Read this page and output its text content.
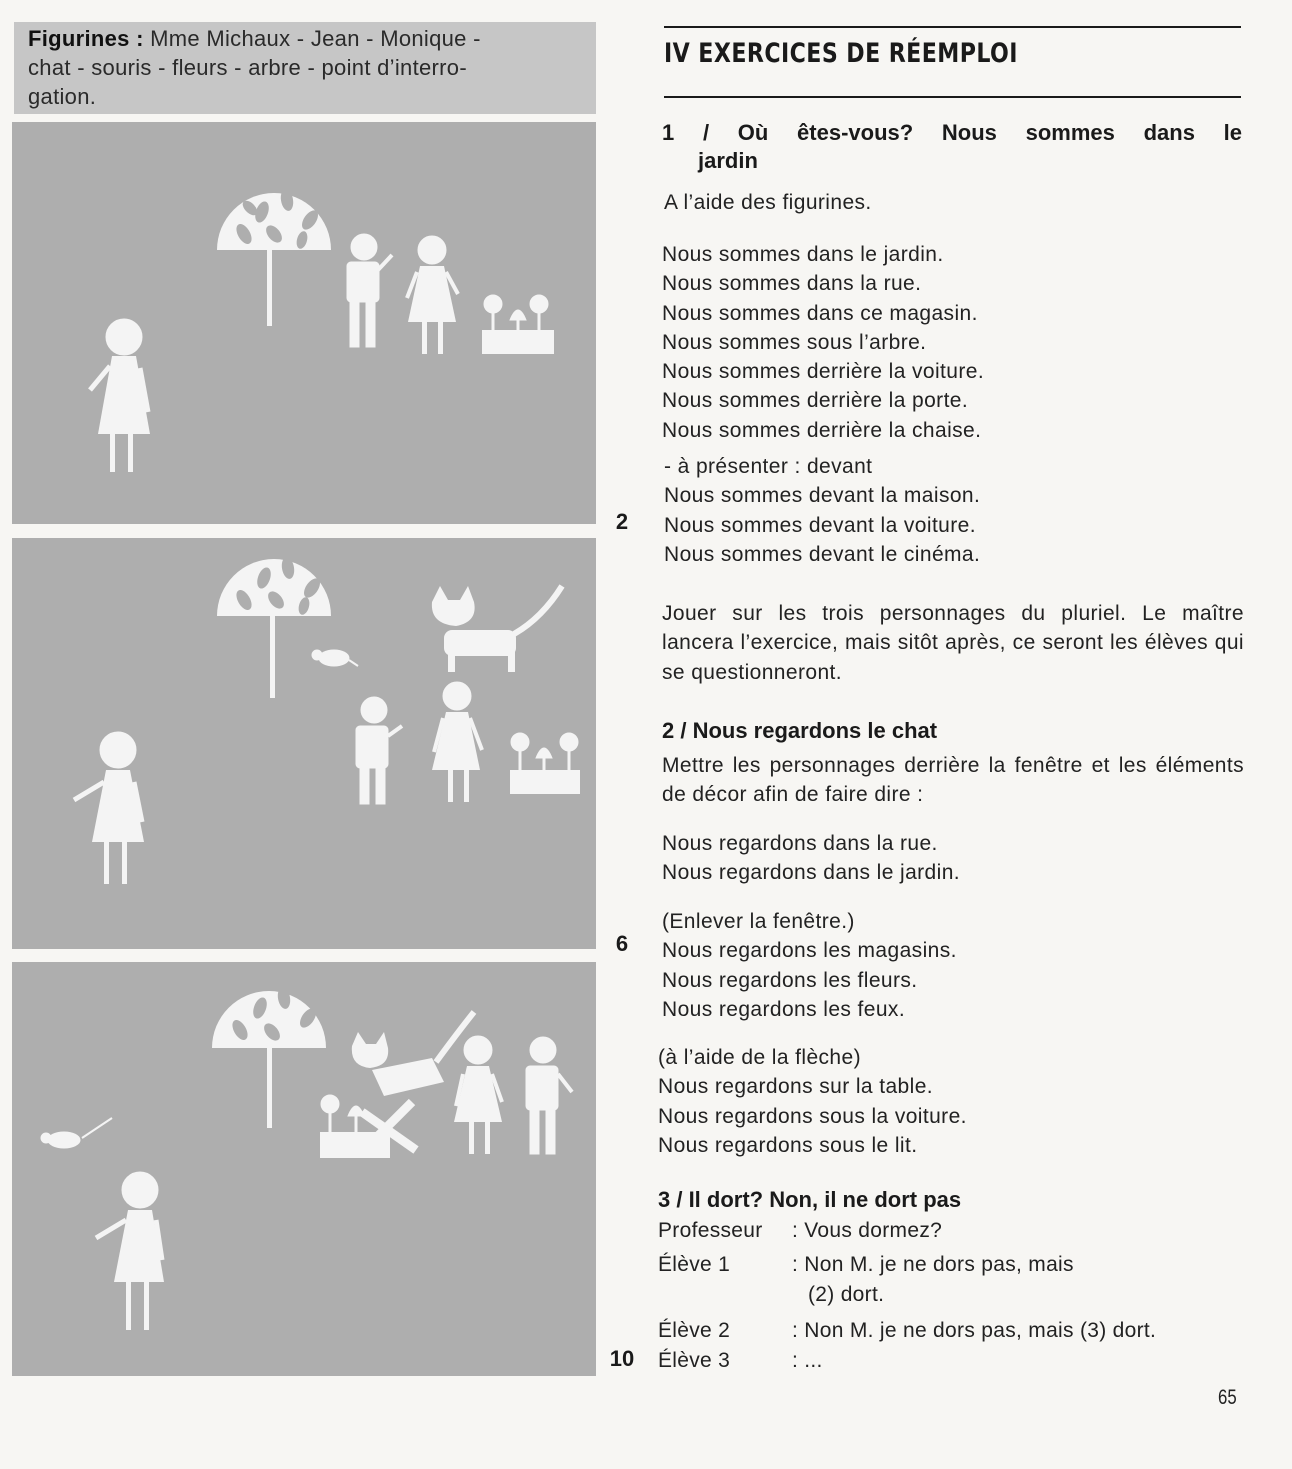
Figurines : Mme Michaux - Jean - Monique -
chat - souris - fleurs - arbre - point d’interro-
gation.
2
6
10
IV EXERCICES DE RÉEMPLOI
1 / Où êtes-vous? Nous sommes dans le
jardin
A l’aide des figurines.
Nous sommes dans le jardin.
Nous sommes dans la rue.
Nous sommes dans ce magasin.
Nous sommes sous l’arbre.
Nous sommes derrière la voiture.
Nous sommes derrière la porte.
Nous sommes derrière la chaise.
- à présenter : devant
Nous sommes devant la maison.
Nous sommes devant la voiture.
Nous sommes devant le cinéma.
Jouer sur les trois personnages du pluriel. Le maître lancera l’exercice, mais sitôt après, ce seront les élèves qui se questionneront.
2 / Nous regardons le chat
Mettre les personnages derrière la fenêtre et les éléments de décor afin de faire dire :
Nous regardons dans la rue.
Nous regardons dans le jardin.
(Enlever la fenêtre.)
Nous regardons les magasins.
Nous regardons les fleurs.
Nous regardons les feux.
(à l’aide de la flèche)
Nous regardons sur la table.
Nous regardons sous la voiture.
Nous regardons sous le lit.
3 / Il dort? Non, il ne dort pas
Professeur : Vous dormez?
Élève 1	: Non M. je ne dors pas, mais
(2) dort.
Élève 2	: Non M. je ne dors pas, mais (3) dort.
Élève 3	: ...
65
